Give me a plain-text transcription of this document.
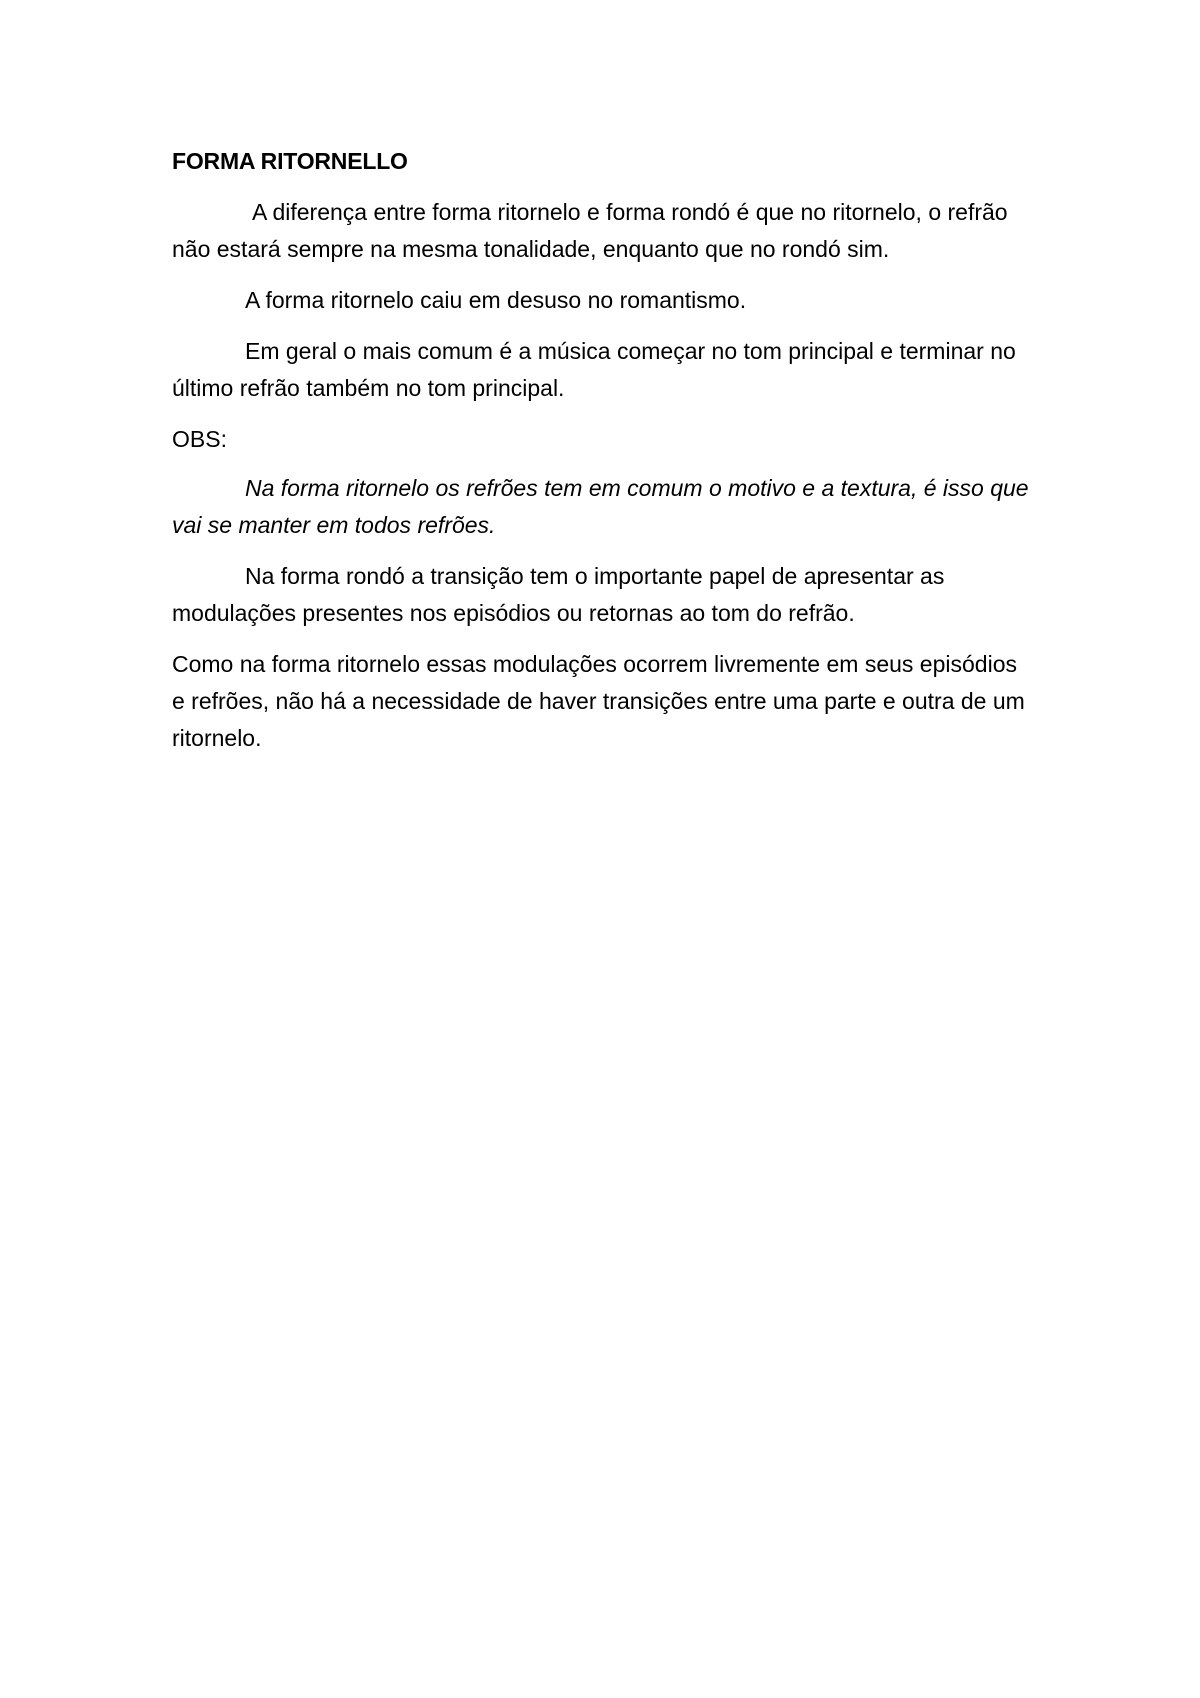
FORMA RITORNELLO

A diferença entre forma ritornelo e forma rondó é que no ritornelo, o refrão não estará sempre na mesma tonalidade, enquanto que no rondó sim.

A forma ritornelo caiu em desuso no romantismo.

Em geral o mais comum é a música começar no tom principal e terminar no último refrão também no tom principal.

OBS:

Na forma ritornelo os refrões tem em comum o motivo e a textura, é isso que vai se manter em todos refrões.

Na forma rondó a transição tem o importante papel de apresentar as modulações presentes nos episódios ou retornas ao tom do refrão.

Como na forma ritornelo essas modulações ocorrem livremente em seus episódios e refrões, não há a necessidade de haver transições entre uma parte e outra de um ritornelo.
